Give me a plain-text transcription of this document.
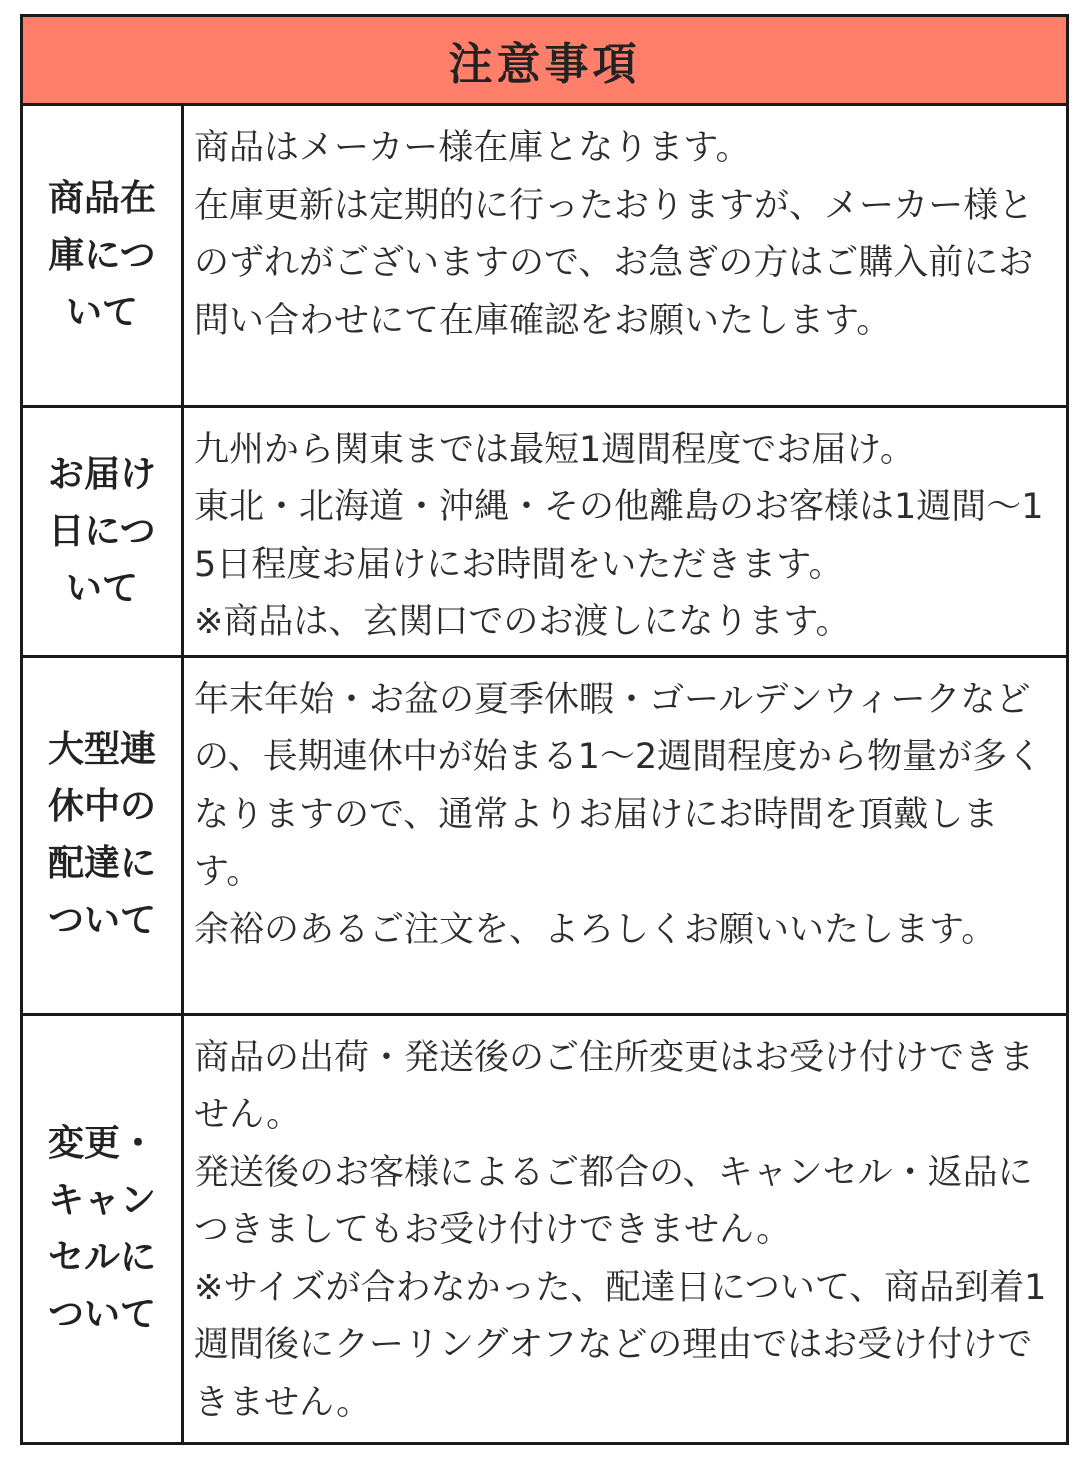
注意事項
商品在庫について

商品はメーカー様在庫となります。

在庫更新は定期的に行ったおりますが、メーカー様とのずれがございますので、お急ぎの方はご購入前にお問い合わせにて在庫確認をお願いたします。

お届け日について

九州から関東までは最短1週間程度でお届け。

東北・北海道・沖縄・その他離島のお客様は1週間〜15日程度お届けにお時間をいただきます。

※商品は、玄関口でのお渡しになります。

大型連休中の配達について

年末年始・お盆の夏季休暇・ゴールデンウィークなどの、長期連休中が始まる1〜2週間程度から物量が多くなりますので、通常よりお届けにお時間を頂戴します。

余裕のあるご注文を、よろしくお願いいたします。

変更・キャンセルについて

商品の出荷・発送後のご住所変更はお受け付けできません。

発送後のお客様によるご都合の、キャンセル・返品につきましてもお受け付けできません。

※サイズが合わなかった、配達日について、商品到着1週間後にクーリングオフなどの理由ではお受け付けできません。
